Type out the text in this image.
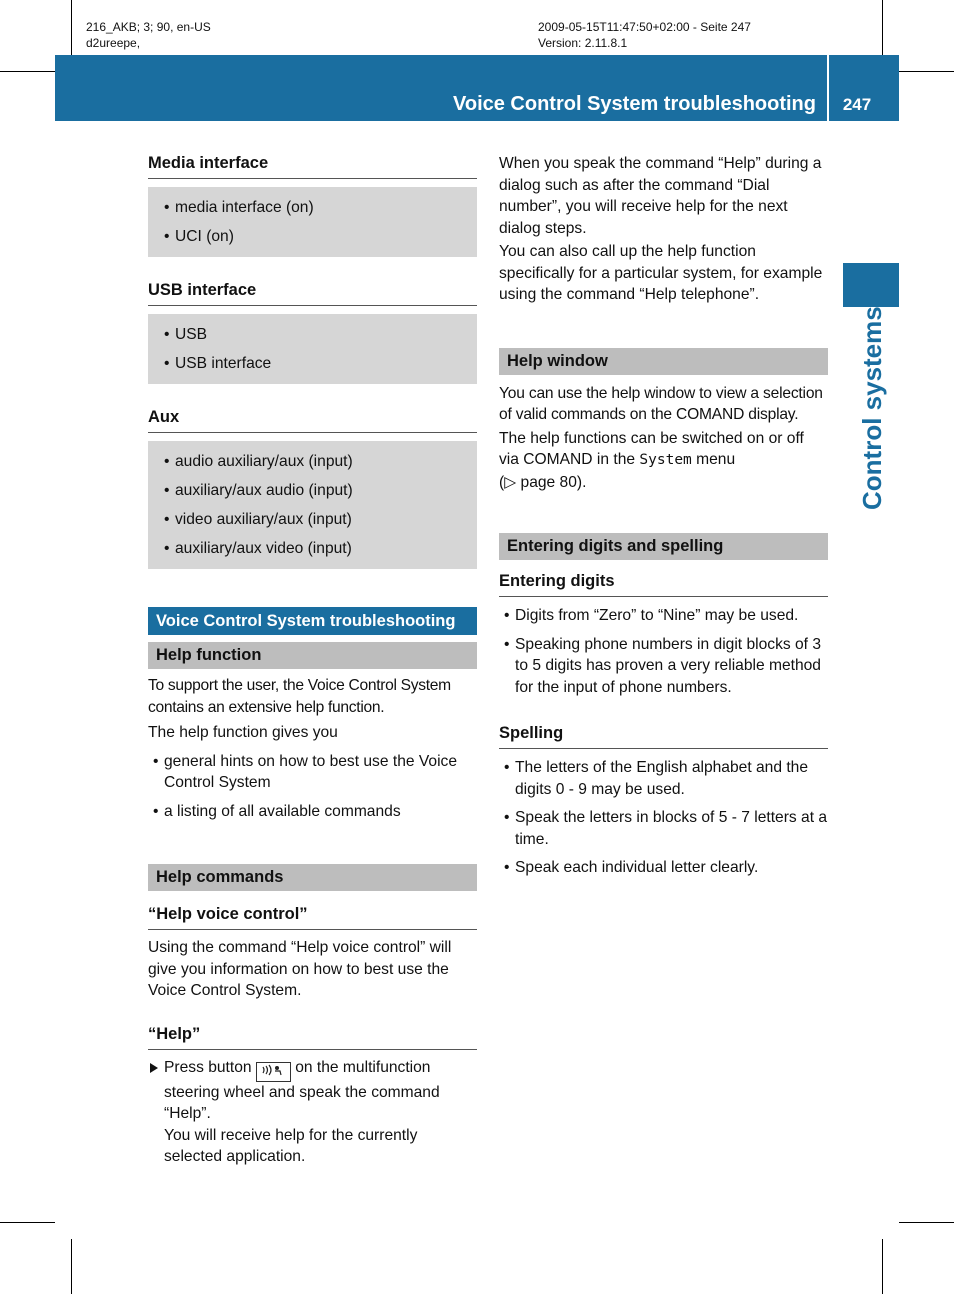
216_AKB; 3; 90, en-US
d2ureepe,
2009-05-15T11:47:50+02:00 - Seite 247
Version: 2.11.8.1
Voice Control System troubleshooting	247
Control systems
Media interface
• media interface (on)
• UCI (on)
USB interface
• USB
• USB interface
Aux
• audio auxiliary/aux (input)
• auxiliary/aux audio (input)
• video auxiliary/aux (input)
• auxiliary/aux video (input)
Voice Control System troubleshooting
Help function

To support the user, the Voice Control System contains an extensive help function.

The help function gives you

• general hints on how to best use the Voice Control System
• a listing of all available commands
Help commands
“Help voice control”

Using the command “Help voice control” will give you information on how to best use the Voice Control System.

“Help”
Press button	on the multifunction steering wheel and speak the command “Help”.
You will receive help for the currently selected application.

When you speak the command “Help” during a dialog such as after the command “Dial number”, you will receive help for the next dialog steps.

You can also call up the help function specifically for a particular system, for example using the command “Help telephone”.

Help window

You can use the help window to view a selection of valid commands on the COMAND display.

The help functions can be switched on or off via COMAND in the System menu
(▷ page 80).

Entering digits and spelling
Entering digits
• Digits from “Zero” to “Nine” may be used.
• Speaking phone numbers in digit blocks of 3 to 5 digits has proven a very reliable method for the input of phone numbers.
Spelling
• The letters of the English alphabet and the digits 0 - 9 may be used.
• Speak the letters in blocks of 5 - 7 letters at a time.
• Speak each individual letter clearly.
